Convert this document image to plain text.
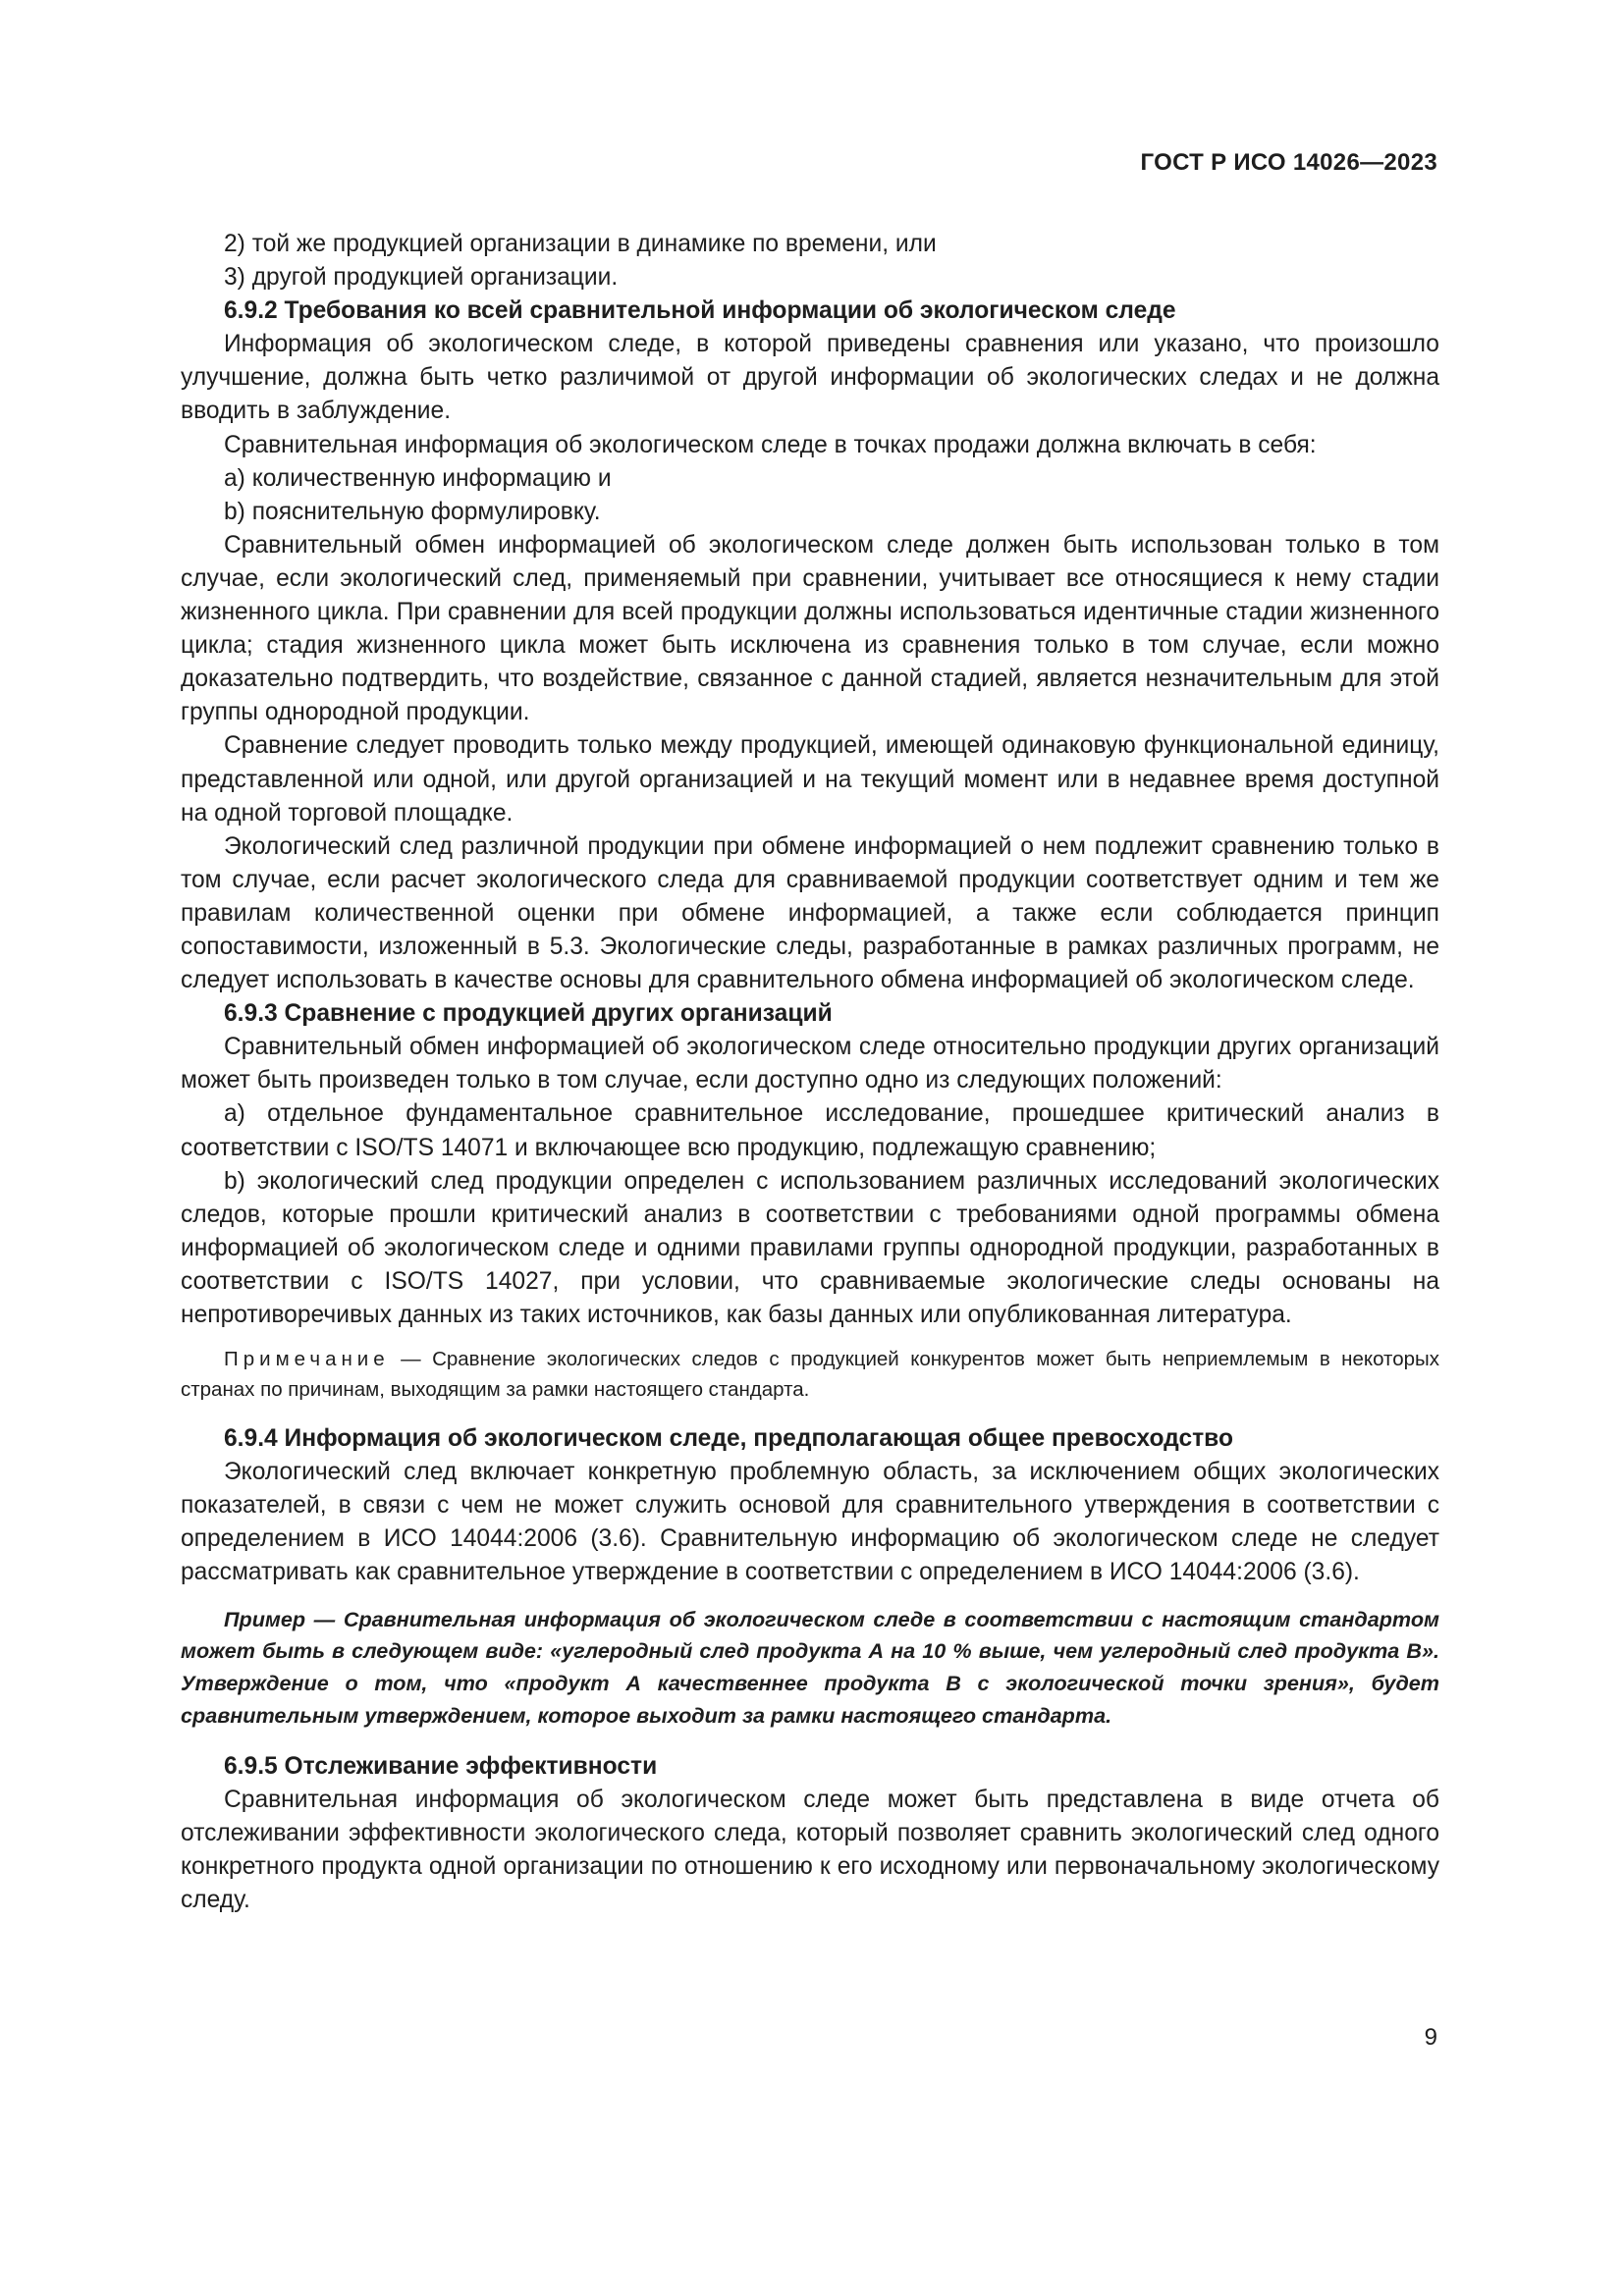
ГОСТ Р ИСО 14026—2023

2) той же продукцией организации в динамике по времени, или

3) другой продукцией организации.

6.9.2 Требования ко всей сравнительной информации об экологическом следе

Информация об экологическом следе, в которой приведены сравнения или указано, что произошло улучшение, должна быть четко различимой от другой информации об экологических следах и не должна вводить в заблуждение.

Сравнительная информация об экологическом следе в точках продажи должна включать в себя:

a) количественную информацию и

b) пояснительную формулировку.

Сравнительный обмен информацией об экологическом следе должен быть использован только в том случае, если экологический след, применяемый при сравнении, учитывает все относящиеся к нему стадии жизненного цикла. При сравнении для всей продукции должны использоваться идентичные стадии жизненного цикла; стадия жизненного цикла может быть исключена из сравнения только в том случае, если можно доказательно подтвердить, что воздействие, связанное с данной стадией, является незначительным для этой группы однородной продукции.

Сравнение следует проводить только между продукцией, имеющей одинаковую функциональной единицу, представленной или одной, или другой организацией и на текущий момент или в недавнее время доступной на одной торговой площадке.

Экологический след различной продукции при обмене информацией о нем подлежит сравнению только в том случае, если расчет экологического следа для сравниваемой продукции соответствует одним и тем же правилам количественной оценки при обмене информацией, а также если соблюдается принцип сопоставимости, изложенный в 5.3. Экологические следы, разработанные в рамках различных программ, не следует использовать в качестве основы для сравнительного обмена информацией об экологическом следе.

6.9.3 Сравнение с продукцией других организаций

Сравнительный обмен информацией об экологическом следе относительно продукции других организаций может быть произведен только в том случае, если доступно одно из следующих положений:

a) отдельное фундаментальное сравнительное исследование, прошедшее критический анализ в соответствии с ISO/TS 14071 и включающее всю продукцию, подлежащую сравнению;

b) экологический след продукции определен с использованием различных исследований экологических следов, которые прошли критический анализ в соответствии с требованиями одной программы обмена информацией об экологическом следе и одними правилами группы однородной продукции, разработанных в соответствии с ISO/TS 14027, при условии, что сравниваемые экологические следы основаны на непротиворечивых данных из таких источников, как базы данных или опубликованная литература.

Примечание — Сравнение экологических следов с продукцией конкурентов может быть неприемлемым в некоторых странах по причинам, выходящим за рамки настоящего стандарта.

6.9.4 Информация об экологическом следе, предполагающая общее превосходство

Экологический след включает конкретную проблемную область, за исключением общих экологических показателей, в связи с чем не может служить основой для сравнительного утверждения в соответствии с определением в ИСО 14044:2006 (3.6). Сравнительную информацию об экологическом следе не следует рассматривать как сравнительное утверждение в соответствии с определением в ИСО 14044:2006 (3.6).

Пример — Сравнительная информация об экологическом следе в соответствии с настоящим стандартом может быть в следующем виде: «углеродный след продукта А на 10 % выше, чем углеродный след продукта В». Утверждение о том, что «продукт А качественнее продукта В с экологической точки зрения», будет сравнительным утверждением, которое выходит за рамки настоящего стандарта.

6.9.5 Отслеживание эффективности

Сравнительная информация об экологическом следе может быть представлена в виде отчета об отслеживании эффективности экологического следа, который позволяет сравнить экологический след одного конкретного продукта одной организации по отношению к его исходному или первоначальному экологическому следу.

9
